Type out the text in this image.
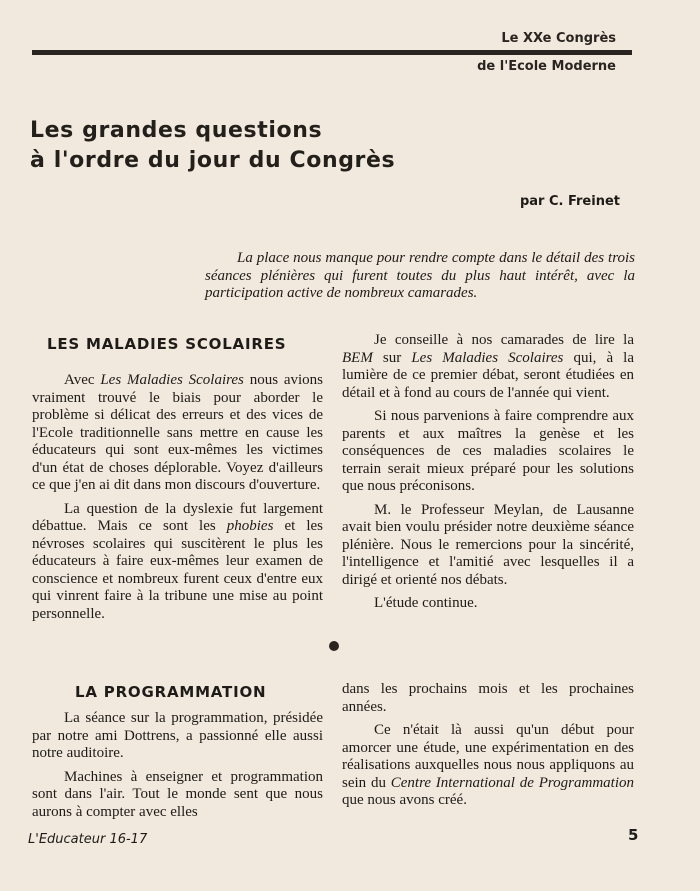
Le XXe Congrès
de l'Ecole Moderne
Les grandes questions
à l'ordre du jour du Congrès
par C. Freinet

La place nous manque pour rendre compte dans le détail des trois séances plénières qui furent toutes du plus haut intérêt, avec la participation active de nombreux camarades.

LES MALADIES SCOLAIRES

Avec Les Maladies Scolaires nous avions vraiment trouvé le biais pour aborder le problème si délicat des erreurs et des vices de l'Ecole traditionnelle sans mettre en cause les éducateurs qui sont eux-mêmes les victimes d'un état de choses déplorable. Voyez d'ailleurs ce que j'en ai dit dans mon discours d'ouverture.

La question de la dyslexie fut largement débattue. Mais ce sont les phobies et les névroses scolaires qui suscitèrent le plus les éducateurs à faire eux-mêmes leur examen de conscience et nombreux furent ceux d'entre eux qui vinrent faire à la tribune une mise au point personnelle.

Je conseille à nos camarades de lire la BEM sur Les Maladies Scolaires qui, à la lumière de ce premier débat, seront étudiées en détail et à fond au cours de l'année qui vient.

Si nous parvenions à faire comprendre aux parents et aux maîtres la genèse et les conséquences de ces maladies scolaires le terrain serait mieux préparé pour les solutions que nous préconisons.

M. le Professeur Meylan, de Lausanne avait bien voulu présider notre deuxième séance plénière. Nous le remercions pour la sincérité, l'intelligence et l'amitié avec lesquelles il a dirigé et orienté nos débats.

L'étude continue.

LA PROGRAMMATION

La séance sur la programmation, présidée par notre ami Dottrens, a passionné elle aussi notre auditoire.

Machines à enseigner et programmation sont dans l'air. Tout le monde sent que nous aurons à compter avec elles

dans les prochains mois et les prochaines années.

Ce n'était là aussi qu'un début pour amorcer une étude, une expérimentation en des réalisations auxquelles nous nous appliquons au sein du Centre International de Programmation que nous avons créé.

L'Educateur 16-17	5
